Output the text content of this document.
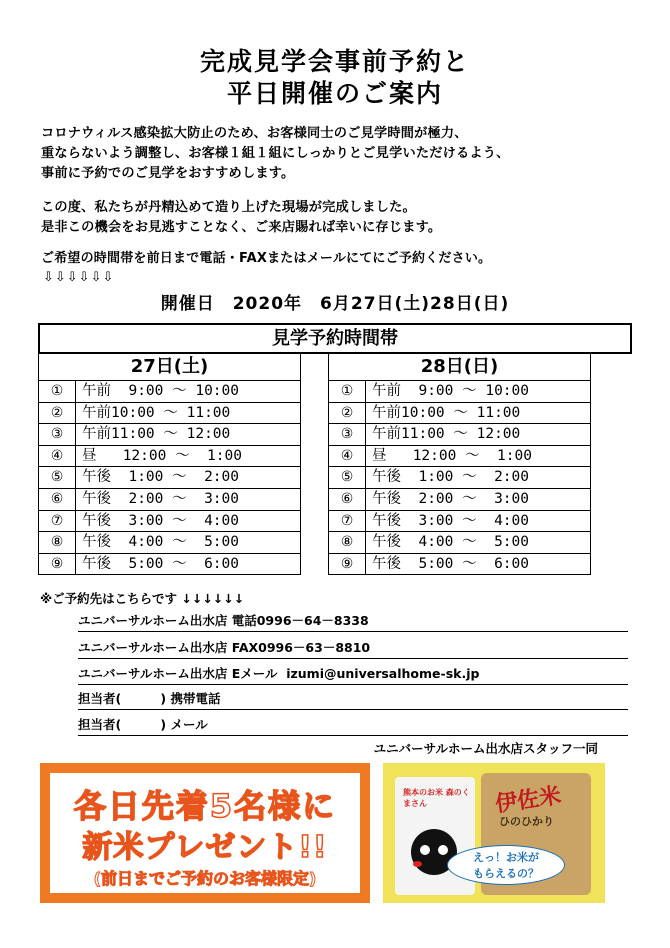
完成見学会事前予約と
平日開催のご案内
コロナウィルス感染拡大防止のため、お客様同士のご見学時間が極力、
重ならないよう調整し、お客様１組１組にしっかりとご見学いただけるよう、
事前に予約でのご見学をおすすめします。
この度、私たちが丹精込めて造り上げた現場が完成しました。
是非この機会をお見逃すことなく、ご来店賜れば幸いに存じます。
ご希望の時間帯を前日まで電話・FAXまたはメールにてにご予約ください。
⇩⇩⇩⇩⇩⇩
開催日　2020年　6月27日(土)28日(日)
見学予約時間帯
27日(土)
①	午前  9:00 ～ 10:00
②	午前10:00 ～ 11:00
③	午前11:00 ～ 12:00
④	昼   12:00 ～  1:00
⑤	午後  1:00 ～  2:00
⑥	午後  2:00 ～  3:00
⑦	午後  3:00 ～  4:00
⑧	午後  4:00 ～  5:00
⑨	午後  5:00 ～  6:00
28日(日)
①	午前  9:00 ～ 10:00
②	午前10:00 ～ 11:00
③	午前11:00 ～ 12:00
④	昼   12:00 ～  1:00
⑤	午後  1:00 ～  2:00
⑥	午後  2:00 ～  3:00
⑦	午後  3:00 ～  4:00
⑧	午後  4:00 ～  5:00
⑨	午後  5:00 ～  6:00
※ご予約先はこちらです ↓↓↓↓↓↓
ユニバーサルホーム出水店 電話0996－64－8338
ユニバーサルホーム出水店 FAX0996－63－8810
ユニバーサルホーム出水店 Eメール  izumi@universalhome-sk.jp
担当者(         ) 携帯電話
担当者(         ) メール
ユニバーサルホーム出水店スタッフ一同
各日先着5名様に
新米プレゼント!!
(前日までご予約のお客様限定)
熊本のお米 森のくまさん	伊佐米
ひのひかり
えっ！お米が
もらえるの？
